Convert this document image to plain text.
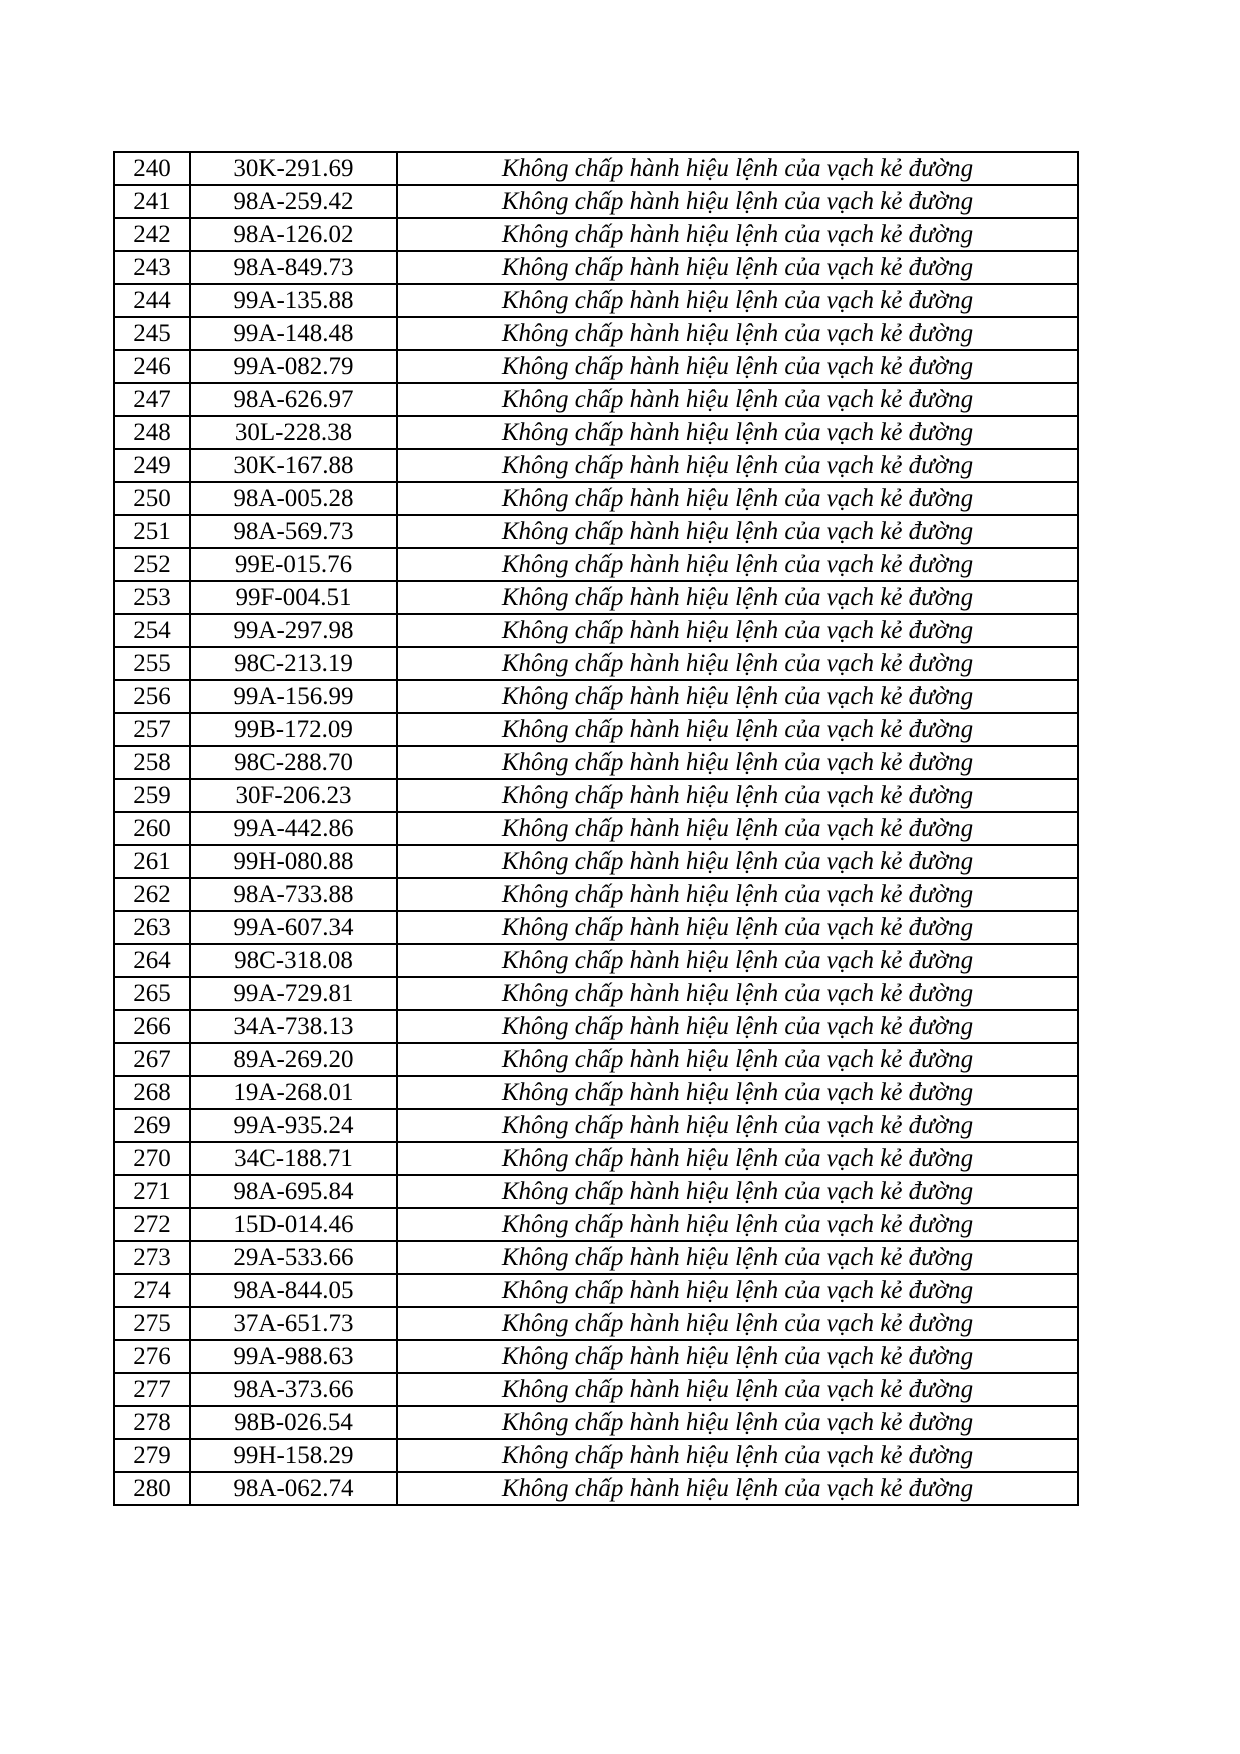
240	30K-291.69	Không chấp hành hiệu lệnh của vạch kẻ đường
241	98A-259.42	Không chấp hành hiệu lệnh của vạch kẻ đường
242	98A-126.02	Không chấp hành hiệu lệnh của vạch kẻ đường
243	98A-849.73	Không chấp hành hiệu lệnh của vạch kẻ đường
244	99A-135.88	Không chấp hành hiệu lệnh của vạch kẻ đường
245	99A-148.48	Không chấp hành hiệu lệnh của vạch kẻ đường
246	99A-082.79	Không chấp hành hiệu lệnh của vạch kẻ đường
247	98A-626.97	Không chấp hành hiệu lệnh của vạch kẻ đường
248	30L-228.38	Không chấp hành hiệu lệnh của vạch kẻ đường
249	30K-167.88	Không chấp hành hiệu lệnh của vạch kẻ đường
250	98A-005.28	Không chấp hành hiệu lệnh của vạch kẻ đường
251	98A-569.73	Không chấp hành hiệu lệnh của vạch kẻ đường
252	99E-015.76	Không chấp hành hiệu lệnh của vạch kẻ đường
253	99F-004.51	Không chấp hành hiệu lệnh của vạch kẻ đường
254	99A-297.98	Không chấp hành hiệu lệnh của vạch kẻ đường
255	98C-213.19	Không chấp hành hiệu lệnh của vạch kẻ đường
256	99A-156.99	Không chấp hành hiệu lệnh của vạch kẻ đường
257	99B-172.09	Không chấp hành hiệu lệnh của vạch kẻ đường
258	98C-288.70	Không chấp hành hiệu lệnh của vạch kẻ đường
259	30F-206.23	Không chấp hành hiệu lệnh của vạch kẻ đường
260	99A-442.86	Không chấp hành hiệu lệnh của vạch kẻ đường
261	99H-080.88	Không chấp hành hiệu lệnh của vạch kẻ đường
262	98A-733.88	Không chấp hành hiệu lệnh của vạch kẻ đường
263	99A-607.34	Không chấp hành hiệu lệnh của vạch kẻ đường
264	98C-318.08	Không chấp hành hiệu lệnh của vạch kẻ đường
265	99A-729.81	Không chấp hành hiệu lệnh của vạch kẻ đường
266	34A-738.13	Không chấp hành hiệu lệnh của vạch kẻ đường
267	89A-269.20	Không chấp hành hiệu lệnh của vạch kẻ đường
268	19A-268.01	Không chấp hành hiệu lệnh của vạch kẻ đường
269	99A-935.24	Không chấp hành hiệu lệnh của vạch kẻ đường
270	34C-188.71	Không chấp hành hiệu lệnh của vạch kẻ đường
271	98A-695.84	Không chấp hành hiệu lệnh của vạch kẻ đường
272	15D-014.46	Không chấp hành hiệu lệnh của vạch kẻ đường
273	29A-533.66	Không chấp hành hiệu lệnh của vạch kẻ đường
274	98A-844.05	Không chấp hành hiệu lệnh của vạch kẻ đường
275	37A-651.73	Không chấp hành hiệu lệnh của vạch kẻ đường
276	99A-988.63	Không chấp hành hiệu lệnh của vạch kẻ đường
277	98A-373.66	Không chấp hành hiệu lệnh của vạch kẻ đường
278	98B-026.54	Không chấp hành hiệu lệnh của vạch kẻ đường
279	99H-158.29	Không chấp hành hiệu lệnh của vạch kẻ đường
280	98A-062.74	Không chấp hành hiệu lệnh của vạch kẻ đường
